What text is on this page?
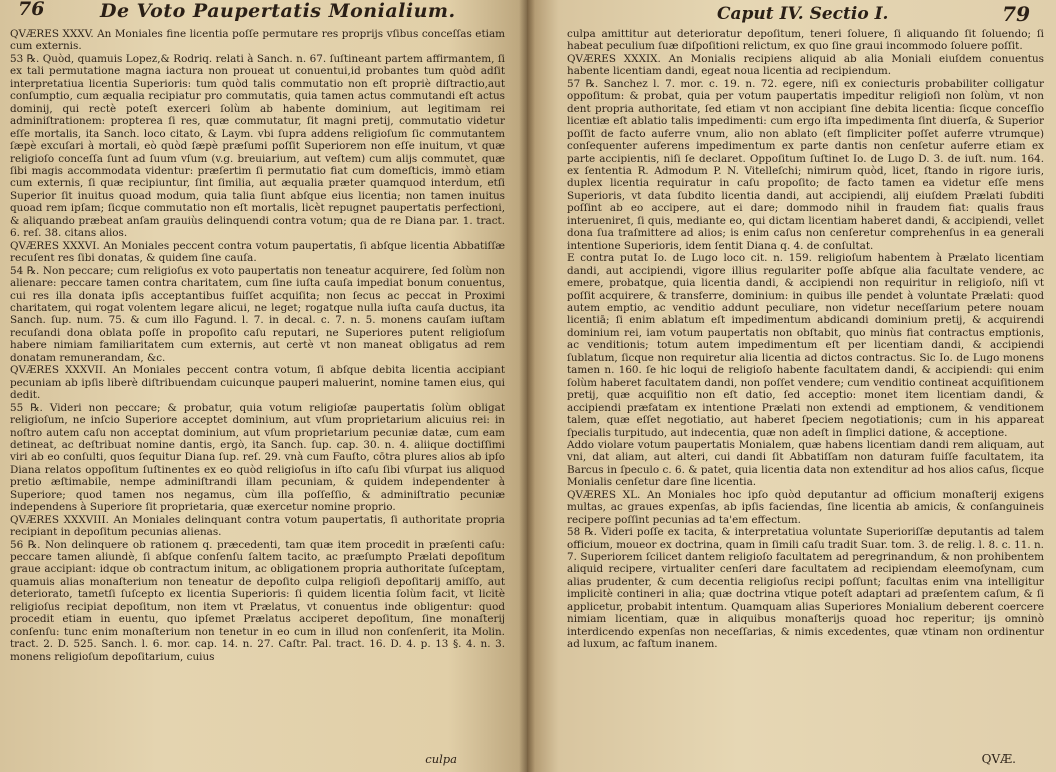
76	De Voto Paupertatis Monialium.

QVÆRES XXXV. An Moniales fine licentia poſſe permutare res proprijs vſibus conceſſas etiam cum externis.

53 ℞. Quòd, quamuis Lopez,& Rodriq. relati à Sanch. n. 67. ſuſtineant partem affirmantem, ſi ex tali permutatione magna iactura non proueat ut conuentui,id probantes tum quòd adſit interpretatiua licentia Superioris: tum quòd talis commutatio non eſt propriè diſtractio,aut conſumptio, cum æqualia recipiatur pro commutatis, quia tamen actus commutandi eſt actus dominij, qui rectè poteſt exerceri ſolùm ab habente dominium, aut legitimam rei adminiſtrationem: propterea ſi res, quæ commutatur, ſit magni pretij, commutatio videtur eſſe mortalis, ita Sanch. loco citato, & Laym. vbi ſupra addens religioſum ſic commutantem ſæpè excuſari à mortali, eò quòd ſæpè præſumi poſſit Superiorem non eſſe inuitum, vt quæ religioſo conceſſa ſunt ad ſuum vſum (v.g. breuiarium, aut veſtem) cum alijs commutet, quæ ſibi magis accommodata videntur: præſertim ſi permutatio fiat cum domeſticis, immò etiam cum externis, ſi quæ recipiuntur, ſint ſimilia, aut æqualia præter quamquod interdum, etſi Superior ſit inuitus quoad modum, quia talia ſiunt abſque eius licentia; non tamen inuitus quoad rem ipſam; ſicque commutatio non eſt mortalis, licèt repugnet paupertatis perfectioni, & aliquando præbeat anſam grauiùs delinquendi contra votum; qua de re Diana par. 1. tract. 6. reſ. 38. citans alios.

QVÆRES XXXVI. An Moniales peccent contra votum paupertatis, ſi abſque licentia Abbatiſſæ recuſent res ſibi donatas, & quidem ſine cauſa.

54 ℞. Non peccare; cum religioſus ex voto paupertatis non teneatur acquirere, ſed ſolùm non alienare: peccare tamen contra charitatem, cum ſine iuſta cauſa impediat bonum conuentus, cui res illa donata ipſis acceptantibus fuiſſet acquiſita; non ſecus ac peccat in Proximi charitatem, qui rogat volentem legare alicui, ne leget; rogatque nulla iuſta cauſa ductus, ita Sanch. ſup. num. 75. & cum illo Fagund. l. 7. in decal. c. 7. n. 5. monens cauſam iuſtam recuſandi dona oblata poſſe in propoſito caſu reputari, ne Superiores putent religioſum habere nimiam familiaritatem cum externis, aut certè vt non maneat obligatus ad rem donatam remunerandam, &c.

QVÆRES XXXVII. An Moniales peccent contra votum, ſi abſque debita licentia accipiant pecuniam ab ipſis liberè diſtribuendam cuicunque pauperi maluerint, nomine tamen eius, qui dedit.

55 ℞. Videri non peccare; & probatur, quia votum religioſæ paupertatis ſolùm obligat religioſum, ne inſcio Superiore acceptet dominium, aut vſum proprietarium alicuius rei: in noſtro autem caſu non acceptat dominium, aut vſum proprietarium pecuniæ datæ, cum eam detineat, ac deſtribuat nomine dantis, ergò, ita Sanch. ſup. cap. 30. n. 4. aliique doctiſſimi viri ab eo conſulti, quos ſequitur Diana ſup. reſ. 29. vnà cum Fauſto, cōtra plures alios ab ipſo Diana relatos oppoſitum ſuſtinentes ex eo quòd religioſus in iſto caſu ſibi vſurpat ius aliquod pretio æſtimabile, nempe adminiſtrandi illam pecuniam, & quidem independenter à Superiore; quod tamen nos negamus, cùm illa poſſeſſio, & adminiſtratio pecuniæ independens à Superiore ſit proprietaria, quæ exercetur nomine proprio.

QVÆRES XXXVIII. An Moniales delinquant contra votum paupertatis, ſi authoritate propria recipiant in depoſitum pecunias alienas.

56 ℞. Non delinquere ob rationem q. præcedenti, tam quæ item procedit in præſenti caſu: peccare tamen aliundè, ſi abſque conſenſu ſaltem tacito, ac præſumpto Prælati depoſitum graue accipiant: idque ob contractum initum, ac obligationem propria authoritate ſuſceptam, quamuis alias monaſterium non teneatur de depoſito culpa religioſi depoſitarij amiſſo, aut deteriorato, tametſi ſuſcepto ex licentia Superioris: ſi quidem licentia ſolùm facit, vt licitè religioſus recipiat depoſitum, non item vt Prælatus, vt conuentus inde obligentur: quod procedit etiam in euentu, quo ipſemet Prælatus acciperet depoſitum, ſine monaſterij conſenſu: tunc enim monaſterium non tenetur in eo cum in illud non conſenſerit, ita Molin. tract. 2. D. 525. Sanch. l. 6. mor. cap. 14. n. 27. Caſtr. Pal. tract. 16. D. 4. p. 13 §. 4. n. 3. monens religioſum depoſitarium, cuius

culpa
Caput IV. Sectio I.	79

culpa amittitur aut deterioratur depoſitum, teneri ſoluere, ſi aliquando ſit ſoluendo; ſi habeat peculium ſuæ diſpoſitioni relictum, ex quo ſine graui incommodo ſoluere poſſit.

QVÆRES XXXIX. An Monialis recipiens aliquid ab alia Moniali eiuſdem conuentus habente licentiam dandi, egeat noua licentia ad recipiendum.

57 ℞. Sanchez l. 7. mor. c. 19. n. 72. egere, niſi ex coniecturis probabiliter colligatur oppoſitum: & probat, quia per votum paupertatis impeditur religioſi non ſolùm, vt non dent propria authoritate, ſed etiam vt non accipiant ſine debita licentia: ſicque conceſſio licentiæ eſt ablatio talis impedimenti: cum ergo iſta impedimenta ſint diuerſa, & Superior poſſit de facto auferre vnum, alio non ablato (eſt ſimpliciter poſſet auferre vtrumque) conſequenter auferens impedimentum ex parte dantis non cenſetur auferre etiam ex parte accipientis, niſi ſe declaret. Oppoſitum ſuſtinet Io. de Lugo D. 3. de iuſt. num. 164. ex ſententia R. Admodum P. N. Vitelleſchi; nimirum quòd, licet, ſtando in rigore iuris, duplex licentia requiratur in caſu propoſito; de facto tamen ea videtur eſſe mens Superioris, vt data ſubdito licentia dandi, aut accipiendi, alij eiuſdem Prælati ſubditi poſſint ab eo accipere, aut ei dare; dommodo nihil in fraudem fiat: qualis fraus interueniret, ſi quis, mediante eo, qui dictam licentiam haberet dandi, & accipiendi, vellet dona ſua traſmittere ad alios; is enim caſus non cenſeretur comprehenſus in ea generali intentione Superioris, idem ſentit Diana q. 4. de conſultat.

E contra putat Io. de Lugo loco cit. n. 159. religioſum habentem à Prælato licentiam dandi, aut accipiendi, vigore illius regulariter poſſe abſque alia facultate vendere, ac emere, probatque, quia licentia dandi, & accipiendi non requiritur in religioſo, niſi vt poſſit acquirere, & transferre, dominium: in quibus ille pendet à voluntate Prælati: quod autem emptio, ac venditio addunt peculiare, non videtur neceſſarium petere nouam licentiā; ſi enim ablatum eſt impedimentum abdicandi dominium pretij, & acquirendi dominium rei, iam votum paupertatis non obſtabit, quo minùs fiat contractus emptionis, ac venditionis; totum autem impedimentum eſt per licentiam dandi, & accipiendi ſublatum, ſicque non requiretur alia licentia ad dictos contractus. Sic Io. de Lugo monens tamen n. 160. ſe hic loqui de religioſo habente facultatem dandi, & accipiendi: qui enim ſolùm haberet facultatem dandi, non poſſet vendere; cum venditio contineat acquiſitionem pretij, quæ acquiſitio non eſt datio, ſed acceptio: monet item licentiam dandi, & accipiendi præfatam ex intentione Prælati non extendi ad emptionem, & venditionem talem, quæ eſſet negotiatio, aut haberet ſpeciem negotiationis; cum in his appareat ſpecialis turpitudo, aut indecentia, quæ non adeſt in ſimplici datione, & acceptione.

Addo violare votum paupertatis Monialem, quæ habens licentiam dandi rem aliquam, aut vni, dat aliam, aut alteri, cui dandi ſit Abbatiſſam non daturam fuiſſe facultatem, ita Barcus in ſpeculo c. 6. & patet, quia licentia data non extenditur ad hos alios caſus, ſicque Monialis cenſetur dare ſine licentia.

QVÆRES XL. An Moniales hoc ipſo quòd deputantur ad officium monaſterij exigens multas, ac graues expenſas, ab ipſis faciendas, ſine licentia ab amicis, & conſanguineis recipere poſſint pecunias ad ta'em effectum.

58 ℞. Videri poſſe ex tacita, & interpretatiua voluntate Superioriſſæ deputantis ad talem officium, moueor ex doctrina, quam in ſimili caſu tradit Suar. tom. 3. de relig. l. 8. c. 11. n. 7. Superiorem ſcilicet dantem religioſo facultatem ad peregrinandum, & non prohibentem aliquid recipere, virtualiter cenſeri dare facultatem ad recipiendam eleemoſynam, cum alias prudenter, & cum decentia religioſus recipi poſſunt; facultas enim vna intelligitur implicitè contineri in alia; quæ doctrina vtique poteſt adaptari ad præſentem caſum, & ſi applicetur, probabit intentum. Quamquam alias Superiores Monialium deberent coercere nimiam licentiam, quæ in aliquibus monaſterijs quoad hoc reperitur; ijs omninò interdicendo expenſas non neceſſarias, & nimis excedentes, quæ vtinam non ordinentur ad luxum, ac faſtum inanem.

QVÆ.
